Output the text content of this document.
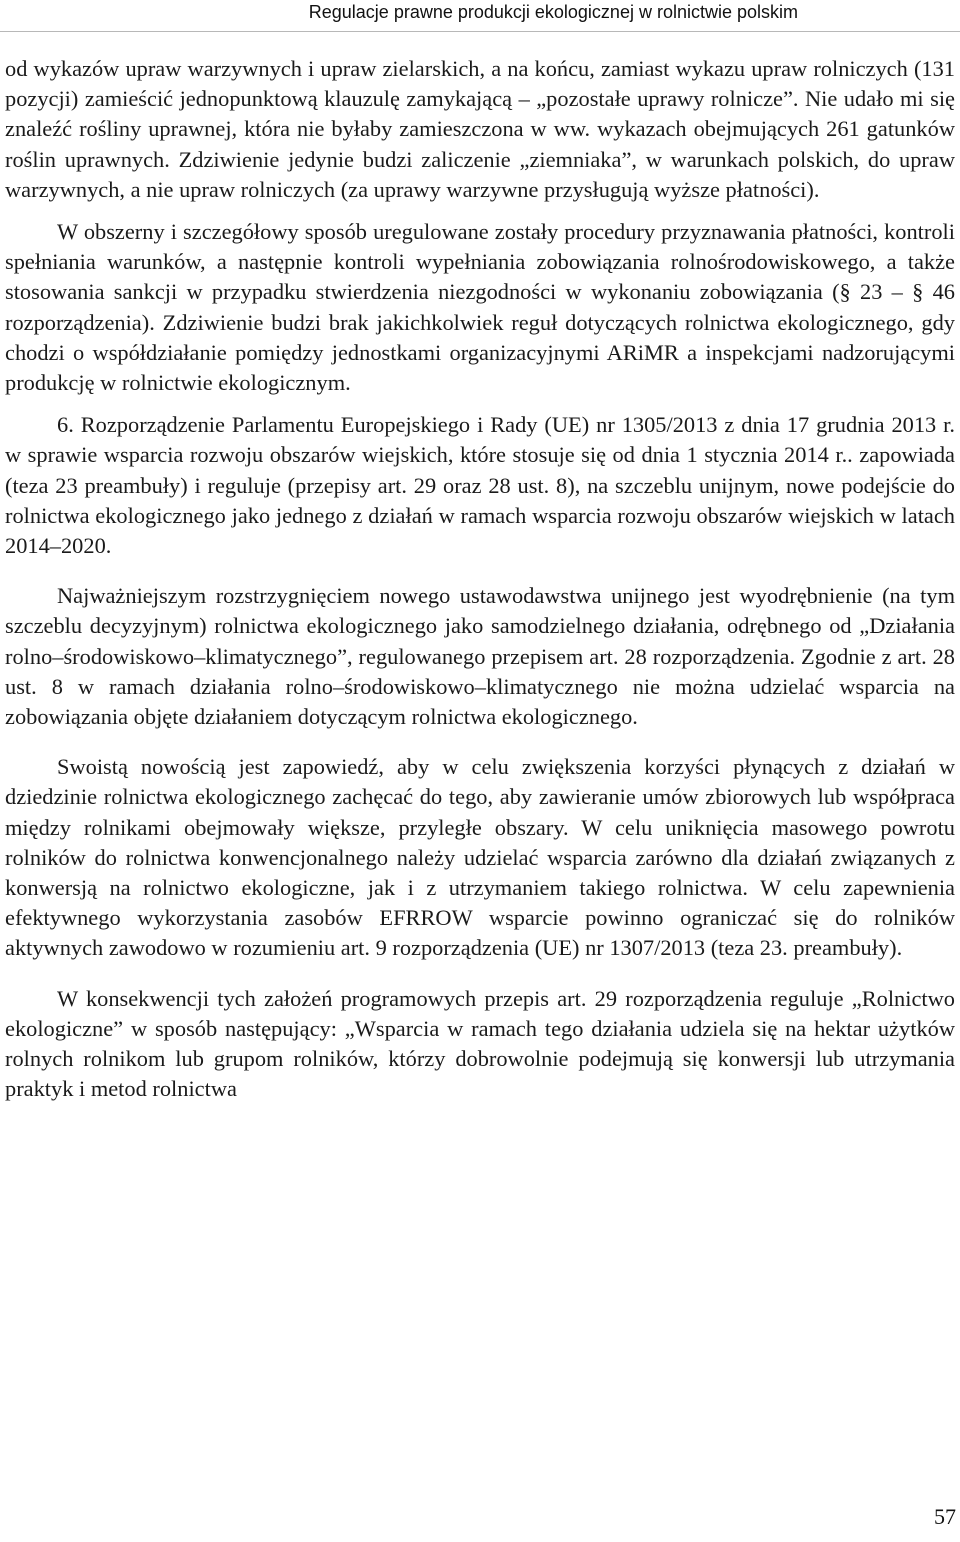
Regulacje prawne produkcji ekologicznej w rolnictwie polskim

od wykazów upraw warzywnych i upraw zielarskich, a na końcu, zamiast wykazu upraw rolniczych (131 pozycji) zamieścić jednopunktową klauzulę zamykającą – „pozostałe uprawy rolnicze”. Nie udało mi się znaleźć rośliny uprawnej, która nie byłaby zamieszczona w ww. wykazach obejmujących 261 gatunków roślin uprawnych. Zdziwienie jedynie budzi zaliczenie „ziemniaka”, w warunkach polskich, do upraw warzywnych, a nie upraw rolniczych (za uprawy warzywne przysługują wyższe płatności).

W obszerny i szczegółowy sposób uregulowane zostały procedury przyznawania płatności, kontroli spełniania warunków, a następnie kontroli wypełniania zobowiązania rolnośrodowiskowego, a także stosowania sankcji w przypadku stwierdzenia niezgodności w wykonaniu zobowiązania (§ 23 – § 46 rozporządzenia). Zdziwienie budzi brak jakichkolwiek reguł dotyczących rolnictwa ekologicznego, gdy chodzi o współdziałanie pomiędzy jednostkami organizacyjnymi ARiMR a inspekcjami nadzorującymi produkcję w rolnictwie ekologicznym.

6. Rozporządzenie Parlamentu Europejskiego i Rady (UE) nr 1305/2013 z dnia 17 grudnia 2013 r. w sprawie wsparcia rozwoju obszarów wiejskich, które stosuje się od dnia 1 stycznia 2014 r.. zapowiada (teza 23 preambuły) i reguluje (przepisy art. 29 oraz 28 ust. 8), na szczeblu unijnym, nowe podejście do rolnictwa ekologicznego jako jednego z działań w ramach wsparcia rozwoju obszarów wiejskich w latach 2014–2020.

Najważniejszym rozstrzygnięciem nowego ustawodawstwa unijnego jest wyodrębnienie (na tym szczeblu decyzyjnym) rolnictwa ekologicznego jako samodzielnego działania, odrębnego od „Działania rolno–środowiskowo–klimatycznego”, regulowanego przepisem art. 28 rozporządzenia. Zgodnie z art. 28 ust. 8 w ramach działania rolno–środowiskowo–klimatycznego nie można udzielać wsparcia na zobowiązania objęte działaniem dotyczącym rolnictwa ekologicznego.

Swoistą nowością jest zapowiedź, aby w celu zwiększenia korzyści płynących z działań w dziedzinie rolnictwa ekologicznego zachęcać do tego, aby zawieranie umów zbiorowych lub współpraca między rolnikami obejmowały większe, przyległe obszary. W celu uniknięcia masowego powrotu rolników do rolnictwa konwencjonalnego należy udzielać wsparcia zarówno dla działań związanych z konwersją na rolnictwo ekologiczne, jak i z utrzymaniem takiego rolnictwa. W celu zapewnienia efektywnego wykorzystania zasobów EFRROW wsparcie powinno ograniczać się do rolników aktywnych zawodowo w rozumieniu art. 9 rozporządzenia (UE) nr 1307/2013 (teza 23. preambuły).

W konsekwencji tych założeń programowych przepis art. 29 rozporządzenia reguluje „Rolnictwo ekologiczne” w sposób następujący: „Wsparcia w ramach tego działania udziela się na hektar użytków rolnych rolnikom lub grupom rolników, którzy dobrowolnie podejmują się konwersji lub utrzymania praktyk i metod rolnictwa

57
